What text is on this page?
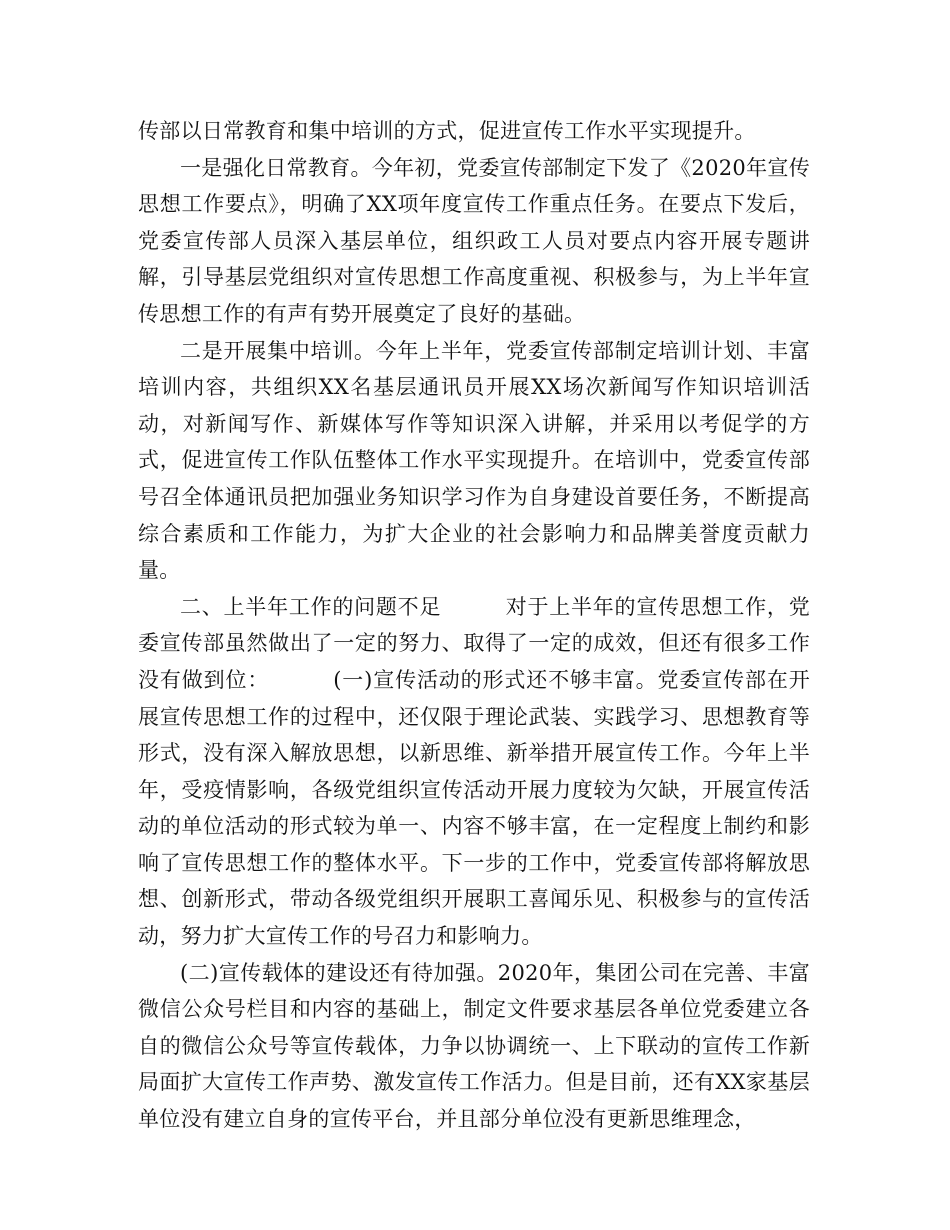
传部以日常教育和集中培训的方式，促进宣传工作水平实现提升。

一是强化日常教育。今年初，党委宣传部制定下发了《2020年宣传思想工作要点》，明确了XX项年度宣传工作重点任务。在要点下发后，党委宣传部人员深入基层单位，组织政工人员对要点内容开展专题讲解，引导基层党组织对宣传思想工作高度重视、积极参与，为上半年宣传思想工作的有声有势开展奠定了良好的基础。

二是开展集中培训。今年上半年，党委宣传部制定培训计划、丰富培训内容，共组织XX名基层通讯员开展XX场次新闻写作知识培训活动，对新闻写作、新媒体写作等知识深入讲解，并采用以考促学的方式，促进宣传工作队伍整体工作水平实现提升。在培训中，党委宣传部号召全体通讯员把加强业务知识学习作为自身建设首要任务，不断提高综合素质和工作能力，为扩大企业的社会影响力和品牌美誉度贡献力量。

二、上半年工作的问题不足	对于上半年的宣传思想工作，党委宣传部虽然做出了一定的努力、取得了一定的成效，但还有很多工作没有做到位：	(一)宣传活动的形式还不够丰富。党委宣传部在开展宣传思想工作的过程中，还仅限于理论武装、实践学习、思想教育等形式，没有深入解放思想，以新思维、新举措开展宣传工作。今年上半年，受疫情影响，各级党组织宣传活动开展力度较为欠缺，开展宣传活动的单位活动的形式较为单一、内容不够丰富，在一定程度上制约和影响了宣传思想工作的整体水平。下一步的工作中，党委宣传部将解放思想、创新形式，带动各级党组织开展职工喜闻乐见、积极参与的宣传活动，努力扩大宣传工作的号召力和影响力。

(二)宣传载体的建设还有待加强。2020年，集团公司在完善、丰富微信公众号栏目和内容的基础上，制定文件要求基层各单位党委建立各自的微信公众号等宣传载体，力争以协调统一、上下联动的宣传工作新局面扩大宣传工作声势、激发宣传工作活力。但是目前，还有XX家基层单位没有建立自身的宣传平台，并且部分单位没有更新思维理念，
